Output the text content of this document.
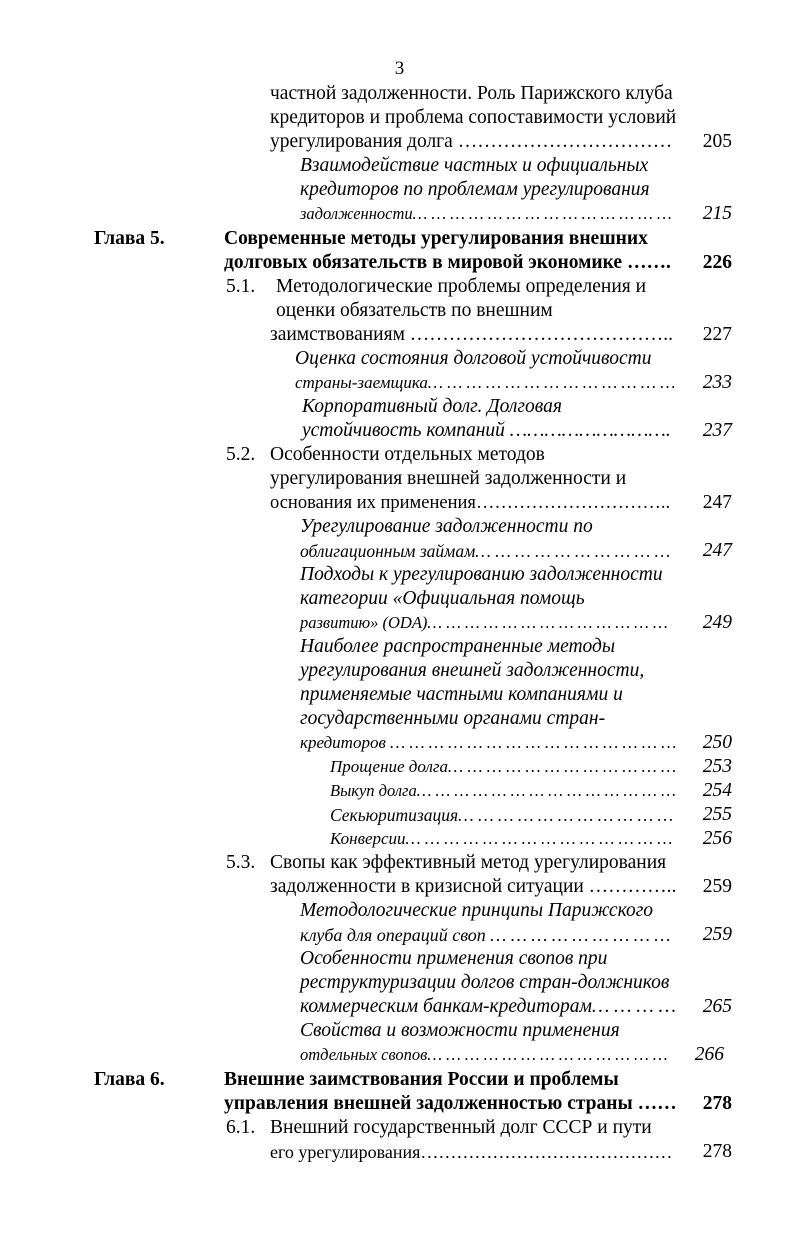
3
частной задолженности. Роль Парижского клуба
кредиторов и проблема сопоставимости условий
урегулирования долга ……………………………	205
Взаимодействие частных и официальных
кредиторов по проблемам урегулирования
задолженности… … … … … … … … … … … … … …	215
Глава 5.	Современные методы урегулирования внешних
долговых обязательств в мировой экономике …….	226
5.1. Методологические проблемы определения и
оценки обязательств по внешним
заимствованиям …………………………………..	227
Оценка состояния долговой устойчивости
страны-заемщика… … … … … … … … … … … … …	233
Корпоративный долг. Долговая
устойчивость компаний ……………………….	237
5.2. Особенности отдельных методов
урегулирования внешней задолженности и
основания их применения…………………………..	247
Урегулирование задолженности по
облигационным займам… … … … … … … … … …	247
Подходы к урегулированию задолженности
категории «Официальная помощь
развитию» (ODA)… … … … … … … … … … … … …	249
Наиболее распространенные методы
урегулирования внешней задолженности,
применяемые частными компаниями и
государственными органами стран-
кредиторов … … … … … … … … … … … … … … …	250
Прощение долга… … … … … … … … … … … …	253
Выкуп долга… … … … … … … … … … … … … …	254
Секьюритизация… … … … … … … … … … …	255
Конверсии… … … … … … … … … … … … … …	256
5.3. Свопы как эффективный метод урегулирования
задолженности в кризисной ситуации …………..	259
Методологические принципы Парижского
клуба для операций своп … … … … … … … … …	259
Особенности применения свопов при
реструктуризации долгов стран-должников
коммерческим банкам-кредиторам… … … …	265
Свойства и возможности применения
отдельных свопов… … … … … … … … … … … … …	266
Глава 6.	Внешние заимствования России и проблемы
управления внешней задолженностью страны ……	278
6.1. Внешний государственный долг СССР и пути
его урегулирования……………………………………	278
